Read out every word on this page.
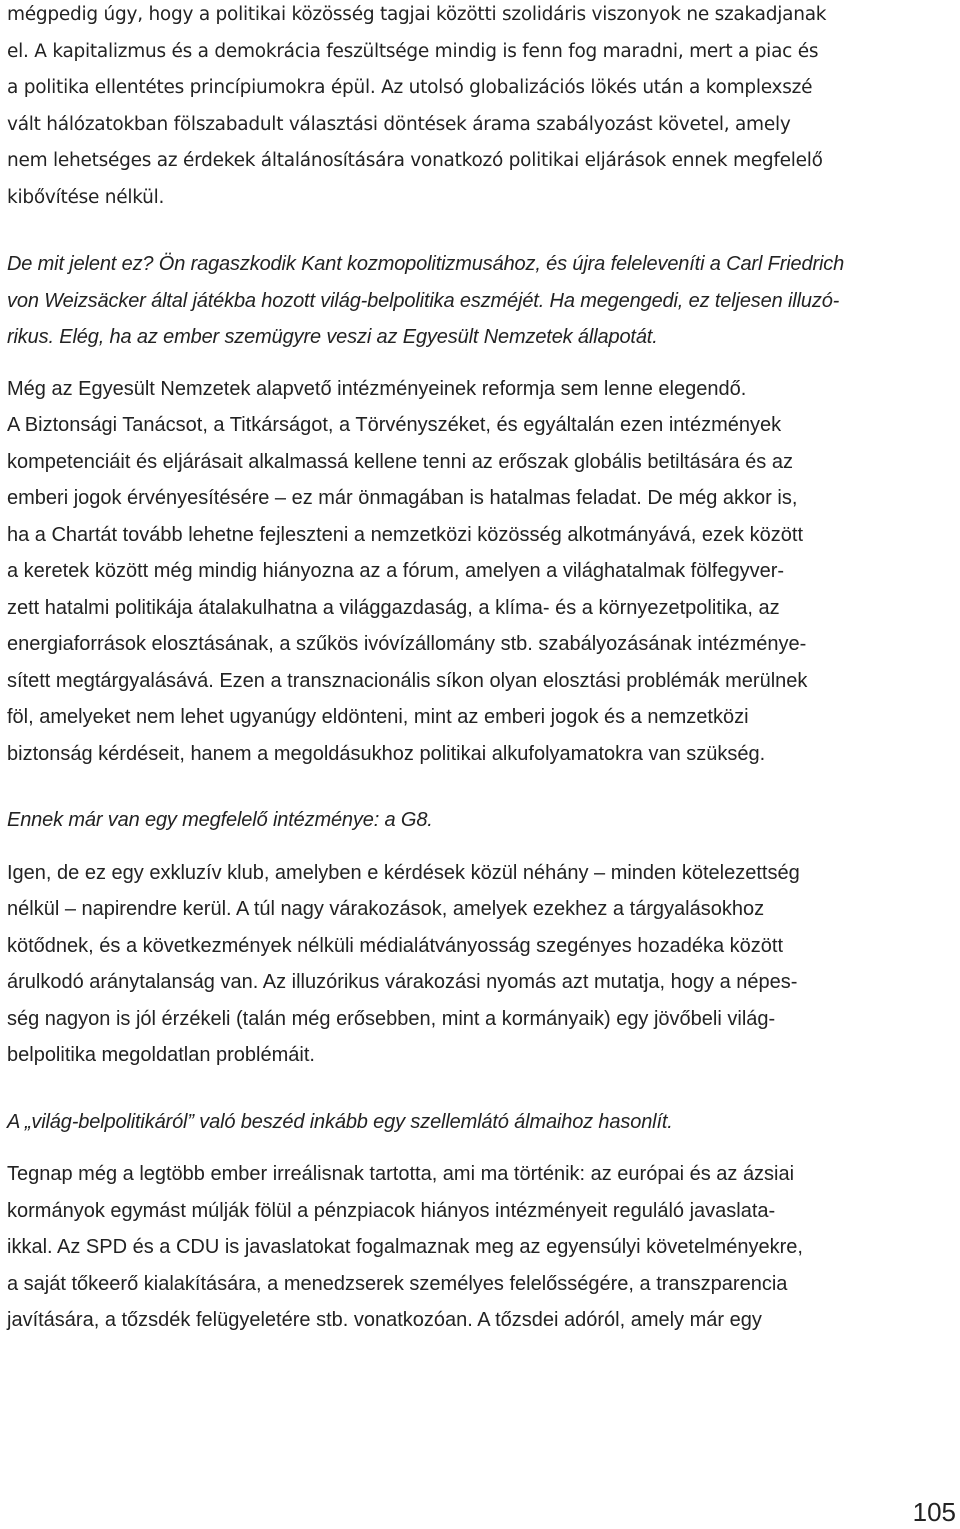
mégpedig úgy, hogy a politikai közösség tagjai közötti szolidáris viszonyok ne szakadjanak
el. A kapitalizmus és a demokrácia feszültsége mindig is fenn fog maradni, mert a piac és
a politika ellentétes princípiumokra épül. Az utolsó globalizációs lökés után a komplexszé
vált hálózatokban fölszabadult választási döntések árama szabályozást követel, amely
nem lehetséges az érdekek általánosítására vonatkozó politikai eljárások ennek megfelelő
kibővítése nélkül.

De mit jelent ez? Ön ragaszkodik Kant kozmopolitizmusához, és újra feleleveníti a Carl Friedrich
von Weizsäcker által játékba hozott világ-belpolitika eszméjét. Ha megengedi, ez teljesen illuzó-
rikus. Elég, ha az ember szemügyre veszi az Egyesült Nemzetek állapotát.

Még az Egyesült Nemzetek alapvető intézményeinek reformja sem lenne elegendő.
A Biztonsági Tanácsot, a Titkárságot, a Törvényszéket, és egyáltalán ezen intézmények
kompetenciáit és eljárásait alkalmassá kellene tenni az erőszak globális betiltására és az
emberi jogok érvényesítésére – ez már önmagában is hatalmas feladat. De még akkor is,
ha a Chartát tovább lehetne fejleszteni a nemzetközi közösség alkotmányává, ezek között
a keretek között még mindig hiányozna az a fórum, amelyen a világhatalmak fölfegyver-
zett hatalmi politikája átalakulhatna a világgazdaság, a klíma- és a környezetpolitika, az
energiaforrások elosztásának, a szűkös ivóvízállomány stb. szabályozásának intézménye-
sített megtárgyalásává. Ezen a transznacionális síkon olyan elosztási problémák merülnek
föl, amelyeket nem lehet ugyanúgy eldönteni, mint az emberi jogok és a nemzetközi
biztonság kérdéseit, hanem a megoldásukhoz politikai alkufolyamatokra van szükség.

Ennek már van egy megfelelő intézménye: a G8.

Igen, de ez egy exkluzív klub, amelyben e kérdések közül néhány – minden kötelezettség
nélkül – napirendre kerül. A túl nagy várakozások, amelyek ezekhez a tárgyalásokhoz
kötődnek, és a következmények nélküli médialátványosság szegényes hozadéka között
árulkodó aránytalanság van. Az illuzórikus várakozási nyomás azt mutatja, hogy a népes-
ség nagyon is jól érzékeli (talán még erősebben, mint a kormányaik) egy jövőbeli világ-
belpolitika megoldatlan problémáit.

A „világ-belpolitikáról” való beszéd inkább egy szellemlátó álmaihoz hasonlít.

Tegnap még a legtöbb ember irreálisnak tartotta, ami ma történik: az európai és az ázsiai
kormányok egymást múlják fölül a pénzpiacok hiányos intézményeit reguláló javaslata-
ikkal. Az SPD és a CDU is javaslatokat fogalmaznak meg az egyensúlyi követelményekre,
a saját tőkeerő kialakítására, a menedzserek személyes felelősségére, a transzparencia
javítására, a tőzsdék felügyeletére stb. vonatkozóan. A tőzsdei adóról, amely már egy

105
